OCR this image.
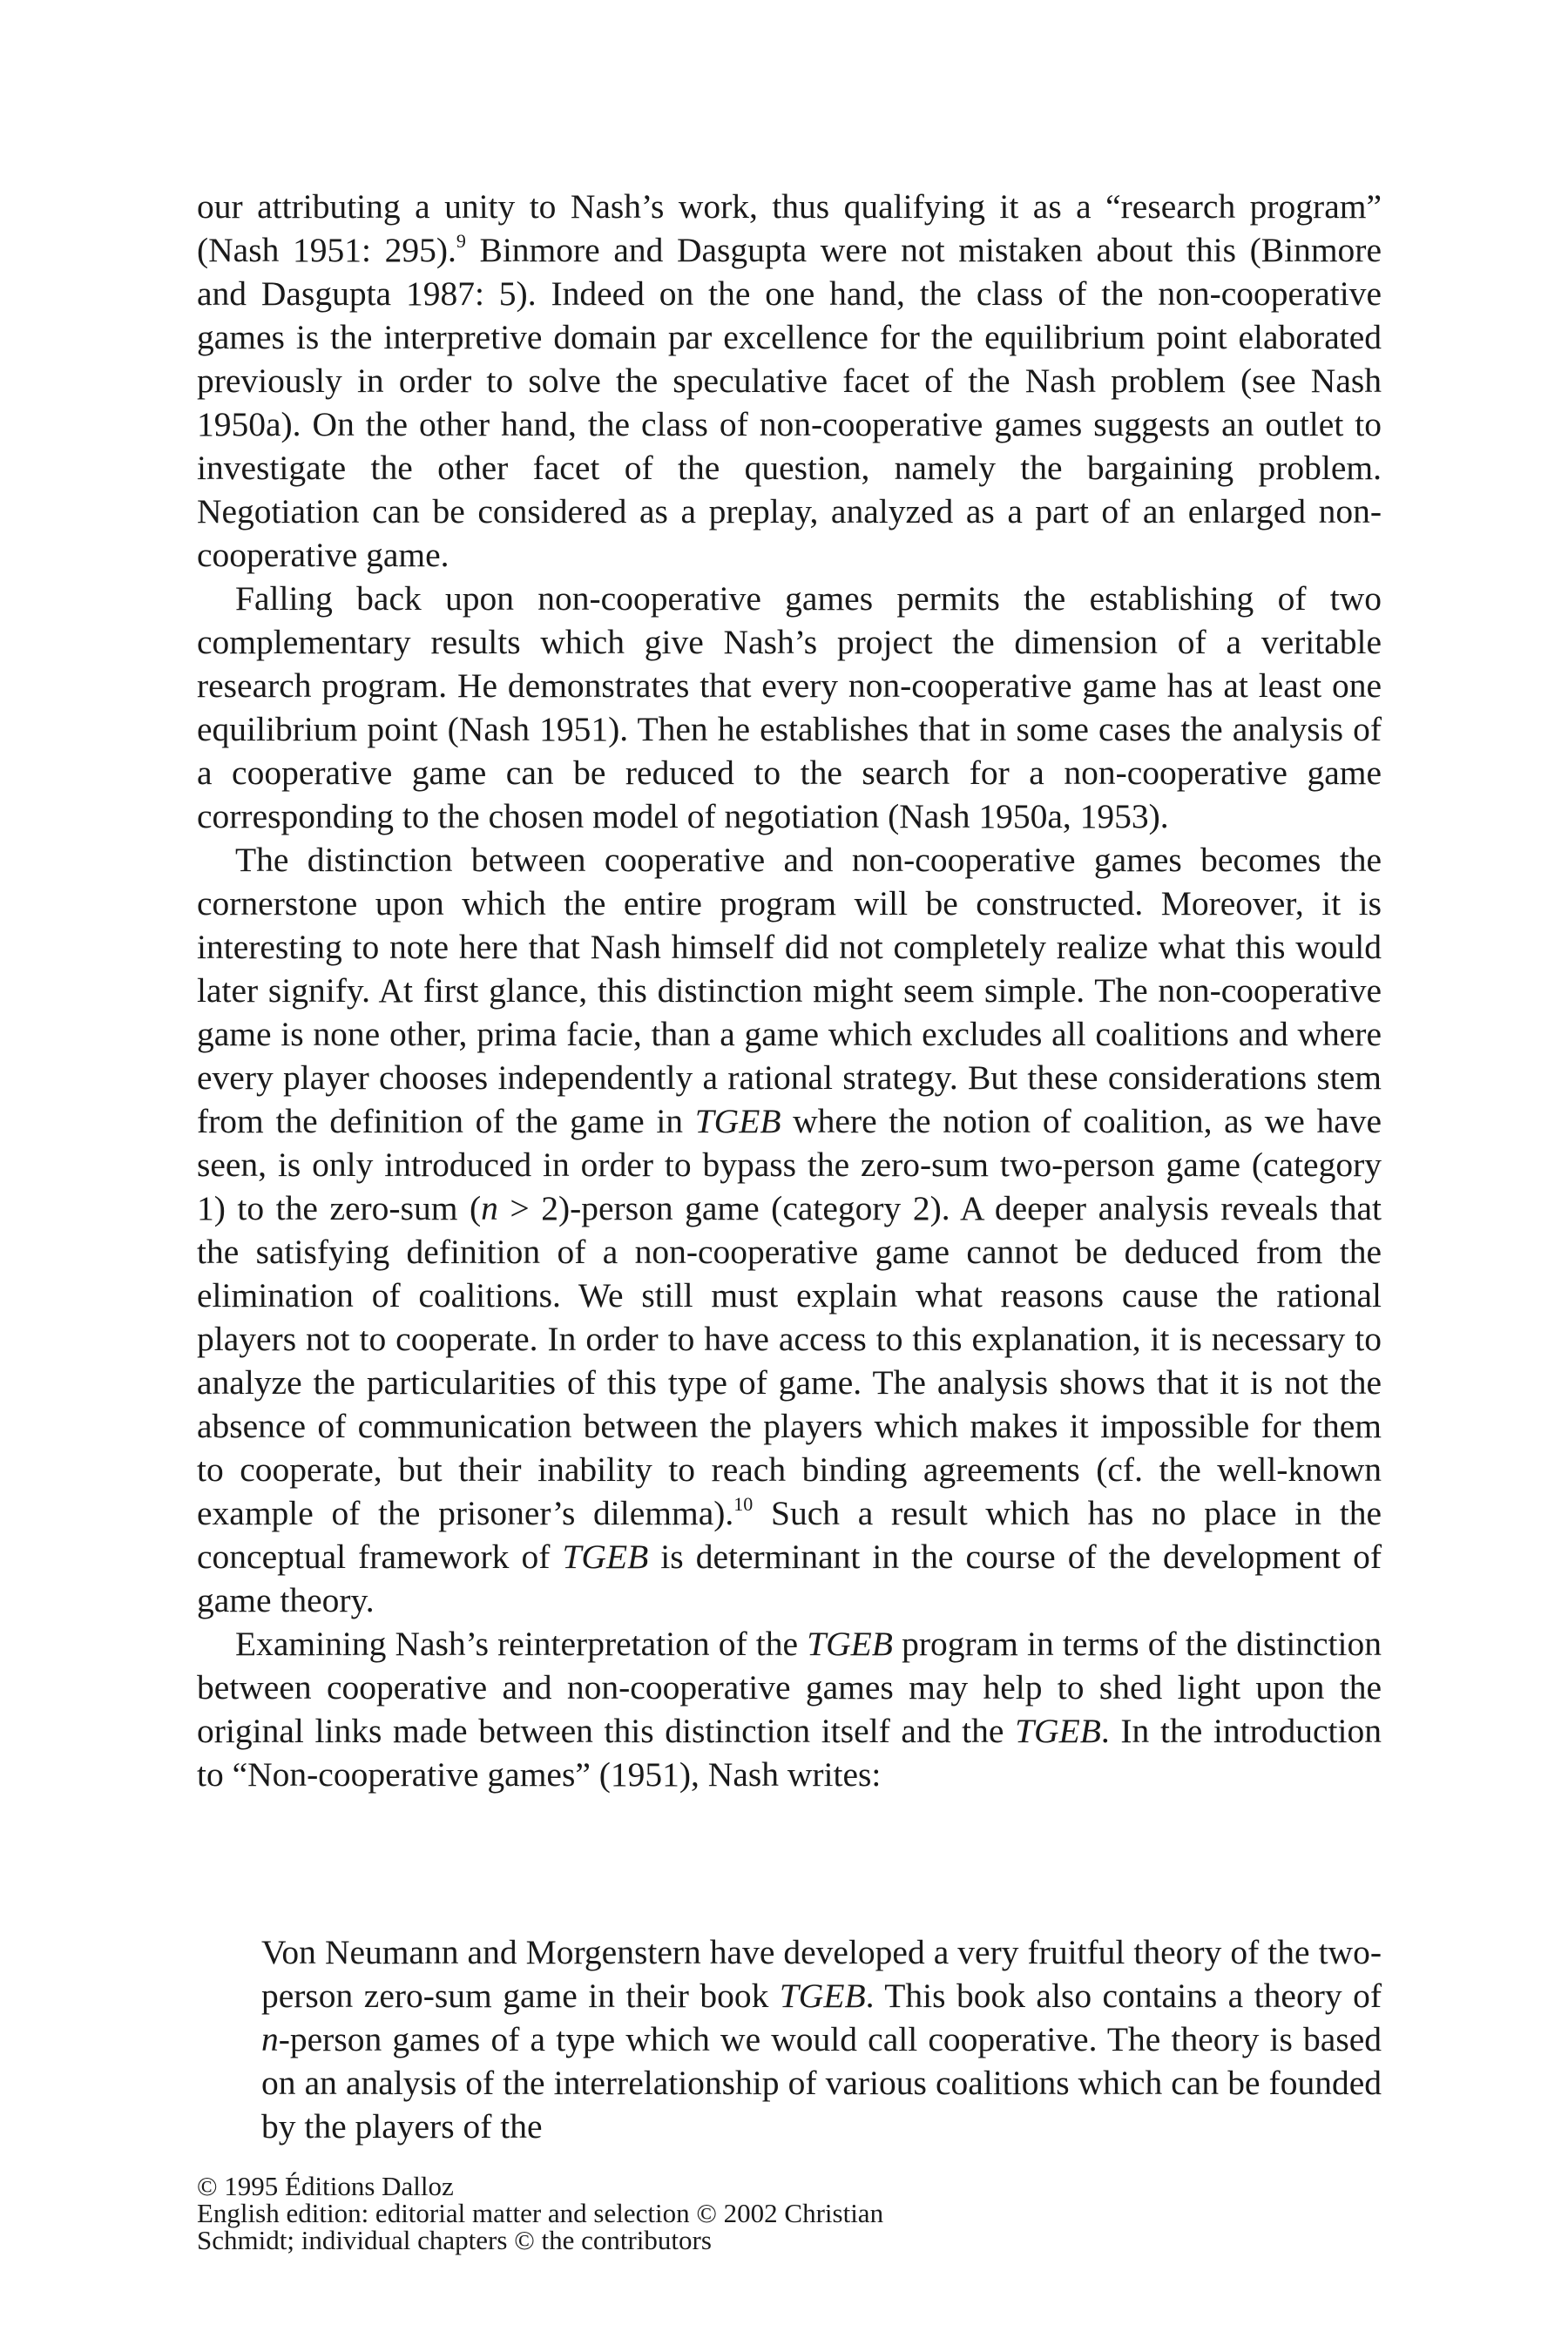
our attributing a unity to Nash’s work, thus qualifying it as a “research program” (Nash 1951: 295).$^9$ Binmore and Dasgupta were not mistaken about this (Binmore and Dasgupta 1987: 5). Indeed on the one hand, the class of the non-cooperative games is the interpretive domain par excellence for the equilibrium point elaborated previously in order to solve the speculative facet of the Nash problem (see Nash 1950a). On the other hand, the class of non-cooperative games suggests an outlet to investigate the other facet of the question, namely the bargaining problem. Negotiation can be considered as a preplay, analyzed as a part of an enlarged non-cooperative game.

Falling back upon non-cooperative games permits the establishing of two complementary results which give Nash’s project the dimension of a veritable research program. He demonstrates that every non-cooperative game has at least one equilibrium point (Nash 1951). Then he establishes that in some cases the analysis of a cooperative game can be reduced to the search for a non-cooperative game corresponding to the chosen model of negotiation (Nash 1950a, 1953).

The distinction between cooperative and non-cooperative games becomes the cornerstone upon which the entire program will be constructed. Moreover, it is interesting to note here that Nash himself did not completely realize what this would later signify. At first glance, this distinction might seem simple. The non-cooperative game is none other, prima facie, than a game which excludes all coalitions and where every player chooses independently a rational strategy. But these considerations stem from the definition of the game in TGEB where the notion of coalition, as we have seen, is only introduced in order to bypass the zero-sum two-person game (category 1) to the zero-sum (n > 2)-person game (category 2). A deeper analysis reveals that the satisfying definition of a non-cooperative game cannot be deduced from the elimination of coalitions. We still must explain what reasons cause the rational players not to cooperate. In order to have access to this explanation, it is necessary to analyze the particularities of this type of game. The analysis shows that it is not the absence of communication between the players which makes it impossible for them to cooperate, but their inability to reach binding agreements (cf. the well-known example of the prisoner’s dilemma).$^{10}$ Such a result which has no place in the conceptual framework of TGEB is determinant in the course of the development of game theory.

Examining Nash’s reinterpretation of the TGEB program in terms of the distinction between cooperative and non-cooperative games may help to shed light upon the original links made between this distinction itself and the TGEB. In the introduction to “Non-cooperative games” (1951), Nash writes:

Von Neumann and Morgenstern have developed a very fruitful theory of the two-person zero-sum game in their book TGEB. This book also contains a theory of n-person games of a type which we would call cooperative. The theory is based on an analysis of the interrelationship of various coalitions which can be founded by the players of the

© 1995 Éditions Dalloz
English edition: editorial matter and selection © 2002 Christian
Schmidt; individual chapters © the contributors
